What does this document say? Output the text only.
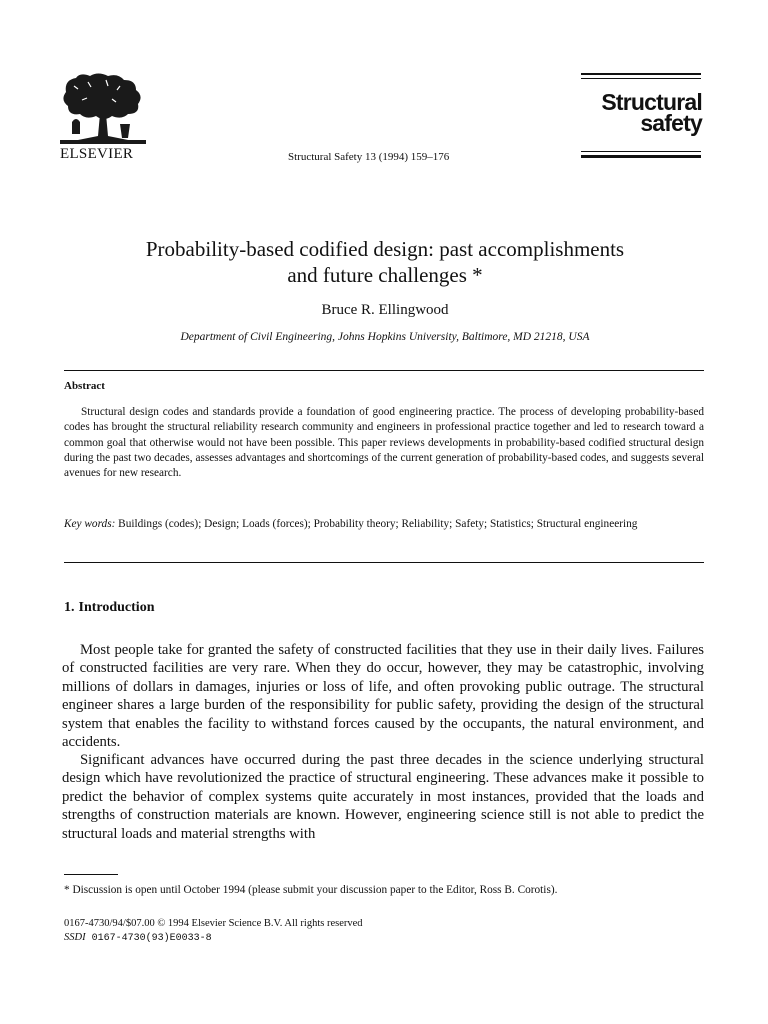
ELSEVIER	Structural Safety 13 (1994) 159–176
Structural
safety
Probability-based codified design: past accomplishments
and future challenges *
Bruce R. Ellingwood
Department of Civil Engineering, Johns Hopkins University, Baltimore, MD 21218, USA
Abstract

Structural design codes and standards provide a foundation of good engineering practice. The process of developing probability-based codes has brought the structural reliability research community and engineers in professional practice together and led to research toward a common goal that otherwise would not have been possible. This paper reviews developments in probability-based codified structural design during the past two decades, assesses advantages and shortcomings of the current generation of probability-based codes, and suggests several avenues for new research.

Key words: Buildings (codes); Design; Loads (forces); Probability theory; Reliability; Safety; Statistics; Structural engineering

1. Introduction

Most people take for granted the safety of constructed facilities that they use in their daily lives. Failures of constructed facilities are very rare. When they do occur, however, they may be catastrophic, involving millions of dollars in damages, injuries or loss of life, and often provoking public outrage. The structural engineer shares a large burden of the responsibility for public safety, providing the design of the structural system that enables the facility to withstand forces caused by the occupants, the natural environment, and accidents.

Significant advances have occurred during the past three decades in the science underlying structural design which have revolutionized the practice of structural engineering. These advances make it possible to predict the behavior of complex systems quite accurately in most instances, provided that the loads and strengths of construction materials are known. However, engineering science still is not able to predict the structural loads and material strengths with

* Discussion is open until October 1994 (please submit your discussion paper to the Editor, Ross B. Corotis).
0167-4730/94/$07.00 © 1994 Elsevier Science B.V. All rights reserved
SSDI 0167-4730(93)E0033-8
